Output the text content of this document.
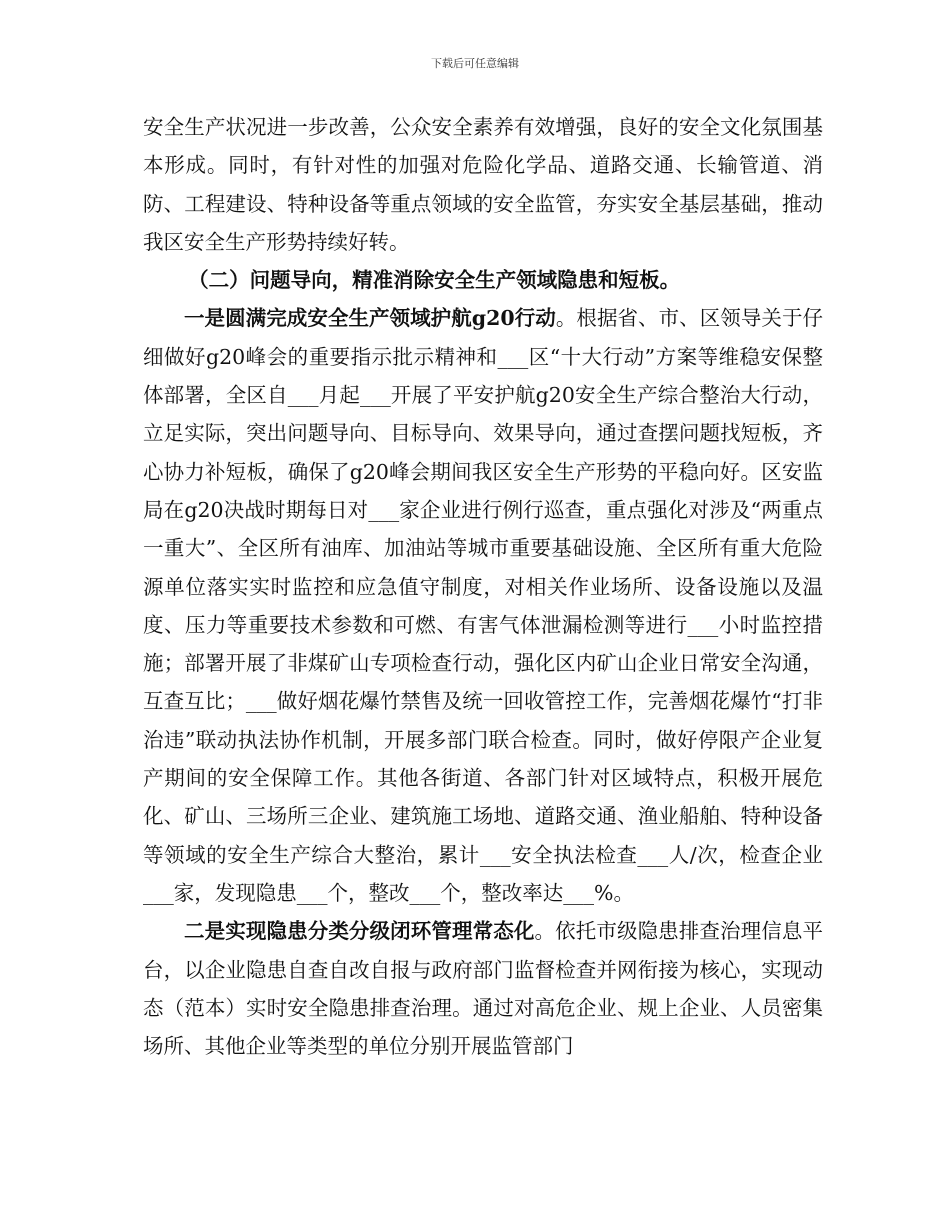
下载后可任意编辑

安全生产状况进一步改善，公众安全素养有效增强，良好的安全文化氛围基本形成。同时，有针对性的加强对危险化学品、道路交通、长输管道、消防、工程建设、特种设备等重点领域的安全监管，夯实安全基层基础，推动我区安全生产形势持续好转。

（二）问题导向，精准消除安全生产领域隐患和短板。

一是圆满完成安全生产领域护航g20行动。根据省、市、区领导关于仔细做好g20峰会的重要指示批示精神和___区“十大行动”方案等维稳安保整体部署，全区自___月起___开展了平安护航g20安全生产综合整治大行动，立足实际，突出问题导向、目标导向、效果导向，通过查摆问题找短板，齐心协力补短板，确保了g20峰会期间我区安全生产形势的平稳向好。区安监局在g20决战时期每日对___家企业进行例行巡查，重点强化对涉及“两重点一重大”、全区所有油库、加油站等城市重要基础设施、全区所有重大危险源单位落实实时监控和应急值守制度，对相关作业场所、设备设施以及温度、压力等重要技术参数和可燃、有害气体泄漏检测等进行___小时监控措施；部署开展了非煤矿山专项检查行动，强化区内矿山企业日常安全沟通，互查互比；___做好烟花爆竹禁售及统一回收管控工作，完善烟花爆竹“打非治违”联动执法协作机制，开展多部门联合检查。同时，做好停限产企业复产期间的安全保障工作。其他各街道、各部门针对区域特点，积极开展危化、矿山、三场所三企业、建筑施工场地、道路交通、渔业船舶、特种设备等领域的安全生产综合大整治，累计___安全执法检查___人/次，检查企业___家，发现隐患___个，整改___个，整改率达___%。

二是实现隐患分类分级闭环管理常态化。依托市级隐患排查治理信息平台，以企业隐患自查自改自报与政府部门监督检查并网衔接为核心，实现动态（范本）实时安全隐患排查治理。通过对高危企业、规上企业、人员密集场所、其他企业等类型的单位分别开展监管部门
